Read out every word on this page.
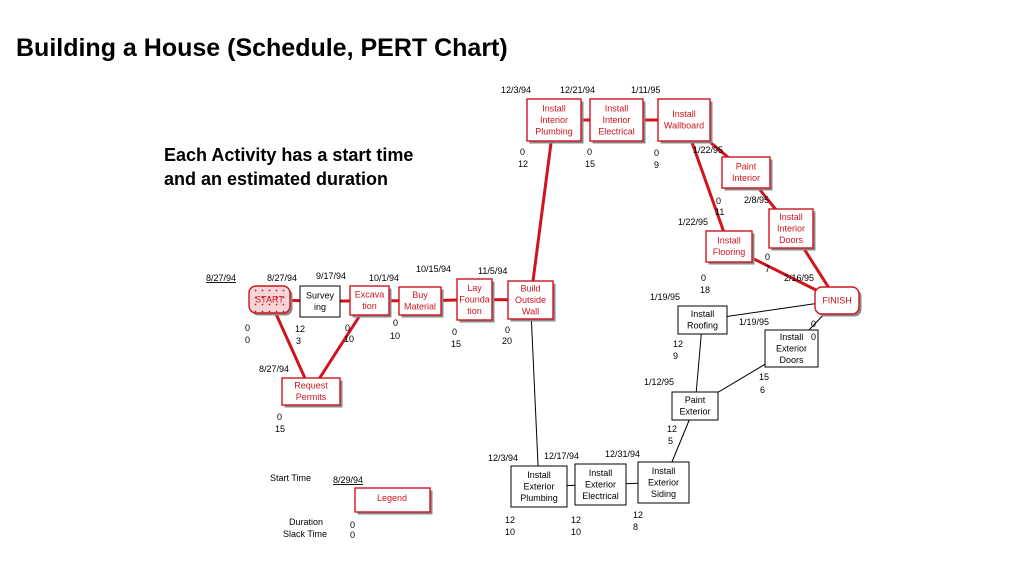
Building a House (Schedule, PERT Chart)
Each Activity has a start time
and an estimated duration
START Survey
ing
Excava
tion
Buy
Material
Lay
Founda
tion
Build
Outside
Wall
Request
Permits
Install
Interior
Plumbing
Install
Interior
Electrical
Install
Wallboard
Paint
Interior
Install
Interior
Doors
Install
Flooring
FINISH
Install
Roofing
Install
Exterior
Doors
Paint
Exterior
Install
Exterior
Plumbing
Install
Exterior
Electrical
Install
Exterior
Siding
8/27/94	8/27/94
0
0
9/17/94
12
3
10/1/94
0
10
10/15/94
0
10
11/5/94
0
15
0
20
8/27/94
0
15
12/3/94
0
12
12/21/94
0
15
1/11/95
0
9
1/22/95
0
11
2/8/95
0
7
1/22/95
0
18
2/16/95
0
0
1/19/95
12
9
1/19/95
15
6
1/12/95
12
5
12/3/94
12
10
12/17/94
12
10
12/31/94
12
8
Legend
Start Time 8/29/94
Duration
Slack Time
0
0
